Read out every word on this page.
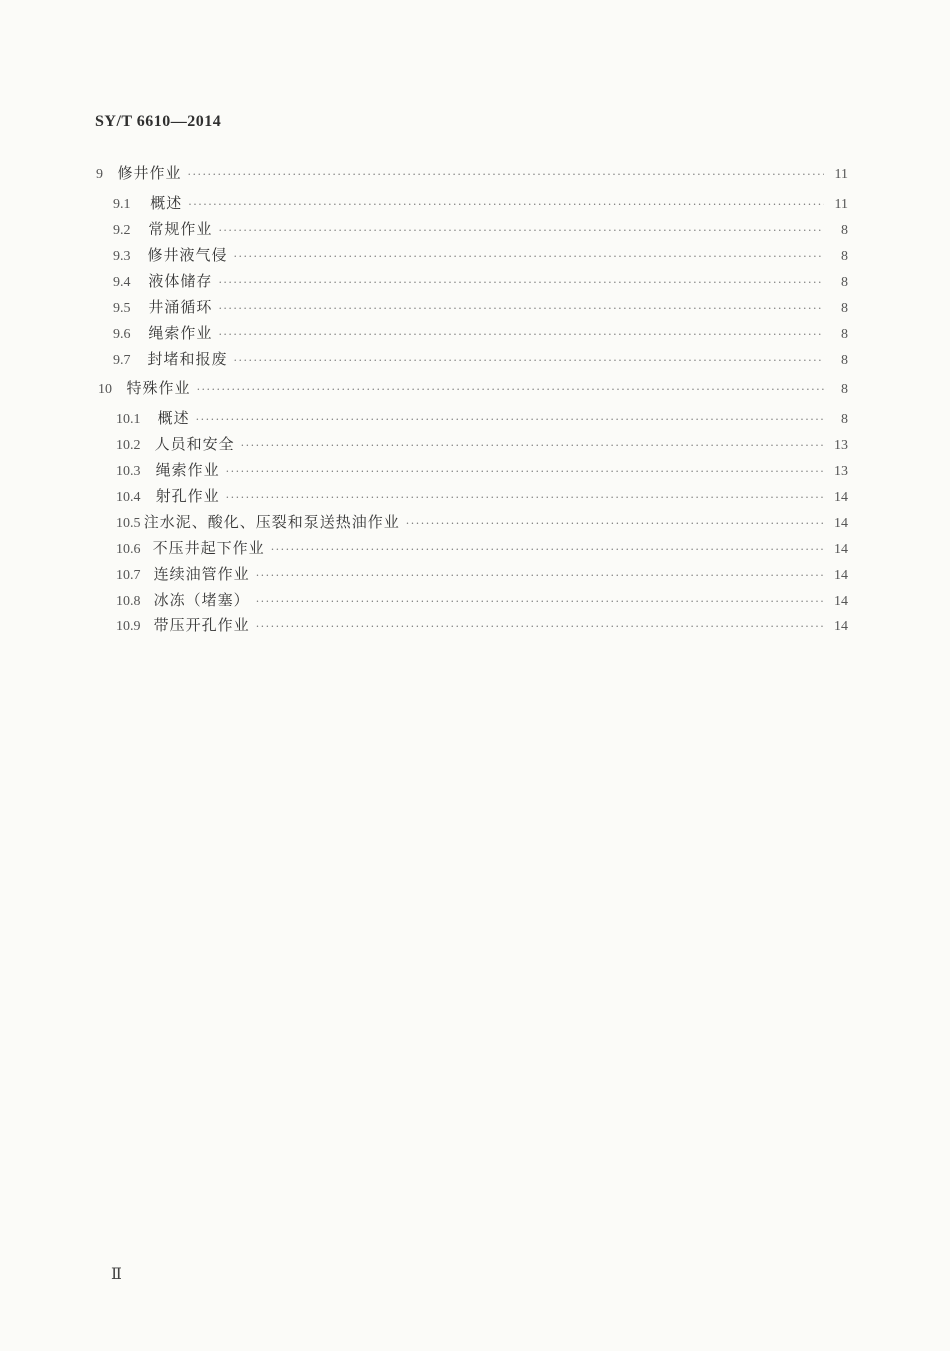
SY/T 6610—2014
9 修井作业 ·····	11
9.1	概述 ·····	11
9.2	常规作业 ·····	8
9.3	修井液气侵 ·····	8
9.4	液体储存 ·····	8
9.5	井涌循环 ·····	8
9.6	绳索作业 ·····	8
9.7	封堵和报废 ·····	8
10 特殊作业 ·····	8
10.1	概述 ·····	8
10.2 人员和安全 ·····	13
10.3	绳索作业 ·····	13
10.4	射孔作业 ·····	14
10.5 注水泥、酸化、压裂和泵送热油作业 ·····	14
10.6 不压井起下作业 ·····	14
10.7 连续油管作业 ·····	14
10.8 冰冻（堵塞） ·····	14
10.9 带压开孔作业 ·····	14
Ⅱ
